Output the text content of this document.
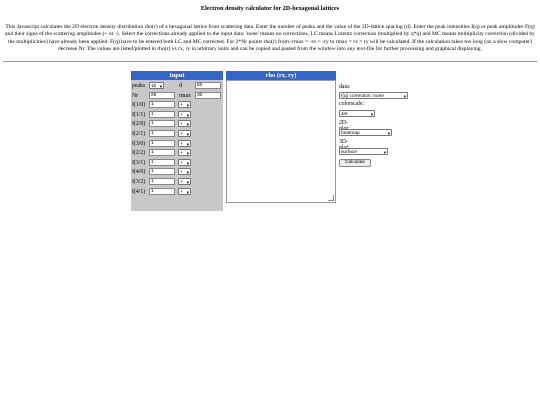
Electron density calculator for 2D-hexagonal lattices
This Javascript calculates the 2D electron density distribution rho(r) of a hexagonal lattice from scattering data. Enter the number of peaks and the value of the 2D-lattice spacing (d). Enter the peak intensities I(q) or peak amplitudes F(q) and their signs of the scattering amplitudes (+ or -). Select the corrections already applied to the input data: 'none' means no corrections, LC means Lorentz correction (multiplied by q*q) and MC means multiplicity correction (divided by the multiplicities) have already been applied. F(q) have to be entered both LC and MC corrected. For 2*Nr points rho(r) from -rmax = -rx = -ry to rmax = rx = ry will be calculated. If the calculation takes too long (on a slow computer) decrease Nr. The values are listed/plotted in rho(r) vs rx, ry in arbitrary units and can be copied and pasted from the window into any text-file for further processing and graphical displaying.
Input
peaks	10 ▾	d	60
Nr	25	rmax	30
I(1/0)	1	+ ▾
I(1/1)	1	+ ▾
I(2/0)	1	+ ▾
I(2/1)	1	+ ▾
I(3/0)	1	+ ▾
I(2/2)	1	+ ▾
I(3/1)	1	+ ▾
I(4/0)	1	+ ▾
I(3/2)	1	+ ▾
I(4/1)	1	+ ▾
rho (rx, ry)
data:
I(q) correction: none	▾
colorscale:
Jet	▾
2D-
heatmap	▾
3D-
surface	▾
Calculate
